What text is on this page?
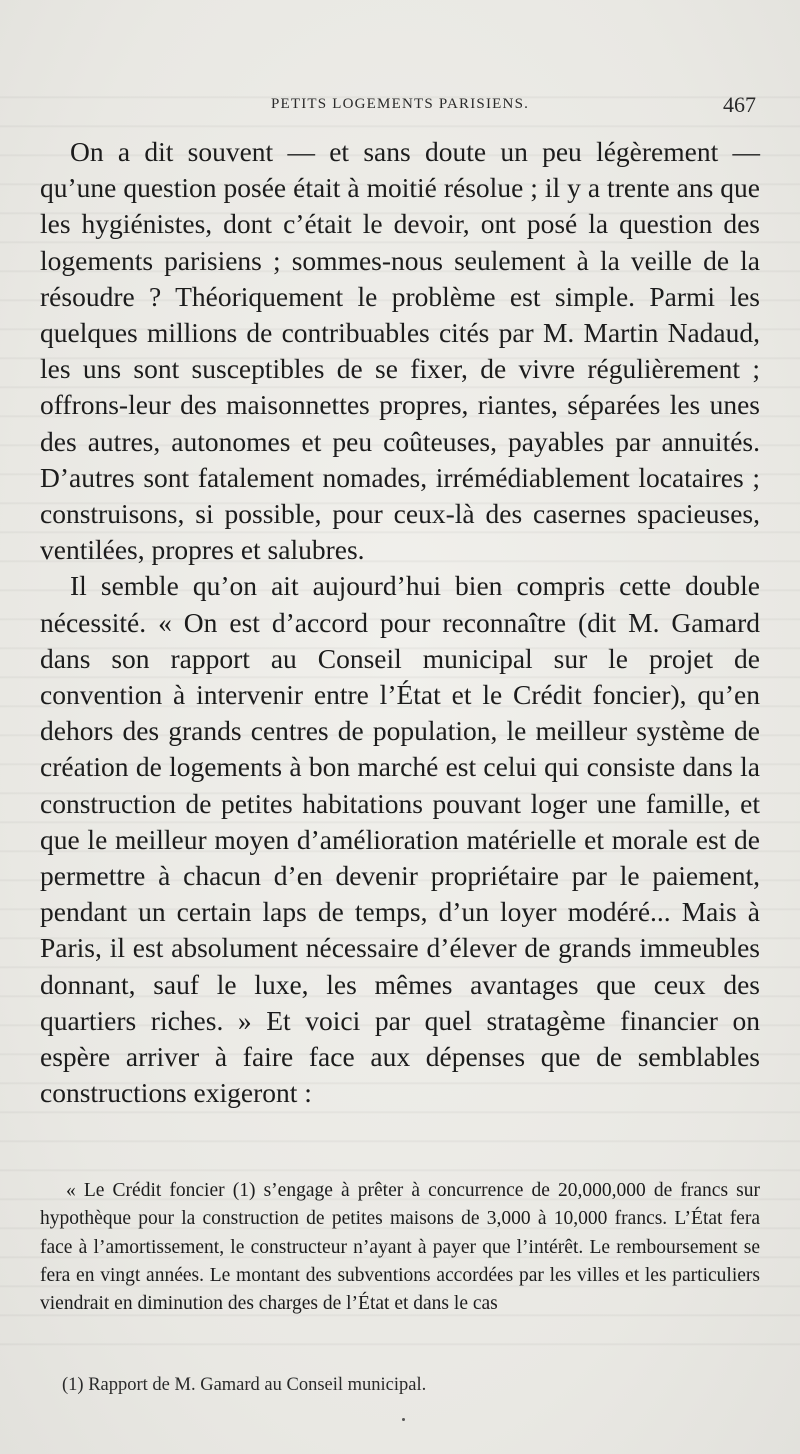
PETITS LOGEMENTS PARISIENS.	467

On a dit souvent — et sans doute un peu légèrement — qu’une question posée était à moitié résolue ; il y a trente ans que les hygiénistes, dont c’était le devoir, ont posé la question des logements parisiens ; sommes-nous seulement à la veille de la résoudre ? Théoriquement le problème est simple. Parmi les quelques millions de contribuables cités par M. Martin Nadaud, les uns sont susceptibles de se fixer, de vivre régulièrement ; offrons-leur des maisonnettes propres, riantes, séparées les unes des autres, autonomes et peu coûteuses, payables par annuités. D’autres sont fatalement nomades, irrémédiablement locataires ; construisons, si possible, pour ceux-là des casernes spacieuses, ventilées, propres et salubres.

Il semble qu’on ait aujourd’hui bien compris cette double nécessité. « On est d’accord pour reconnaître (dit M. Gamard dans son rapport au Conseil municipal sur le projet de convention à intervenir entre l’État et le Crédit foncier), qu’en dehors des grands centres de population, le meilleur système de création de logements à bon marché est celui qui consiste dans la construction de petites habitations pouvant loger une famille, et que le meilleur moyen d’amélioration matérielle et morale est de permettre à chacun d’en devenir propriétaire par le paiement, pendant un certain laps de temps, d’un loyer modéré... Mais à Paris, il est absolument nécessaire d’élever de grands immeubles donnant, sauf le luxe, les mêmes avantages que ceux des quartiers riches. » Et voici par quel stratagème financier on espère arriver à faire face aux dépenses que de semblables constructions exigeront :

« Le Crédit foncier (1) s’engage à prêter à concurrence de 20,000,000 de francs sur hypothèque pour la construction de petites maisons de 3,000 à 10,000 francs. L’État fera face à l’amortissement, le constructeur n’ayant à payer que l’intérêt. Le remboursement se fera en vingt années. Le montant des subventions accordées par les villes et les particuliers viendrait en diminution des charges de l’État et dans le cas

(1) Rapport de M. Gamard au Conseil municipal.
